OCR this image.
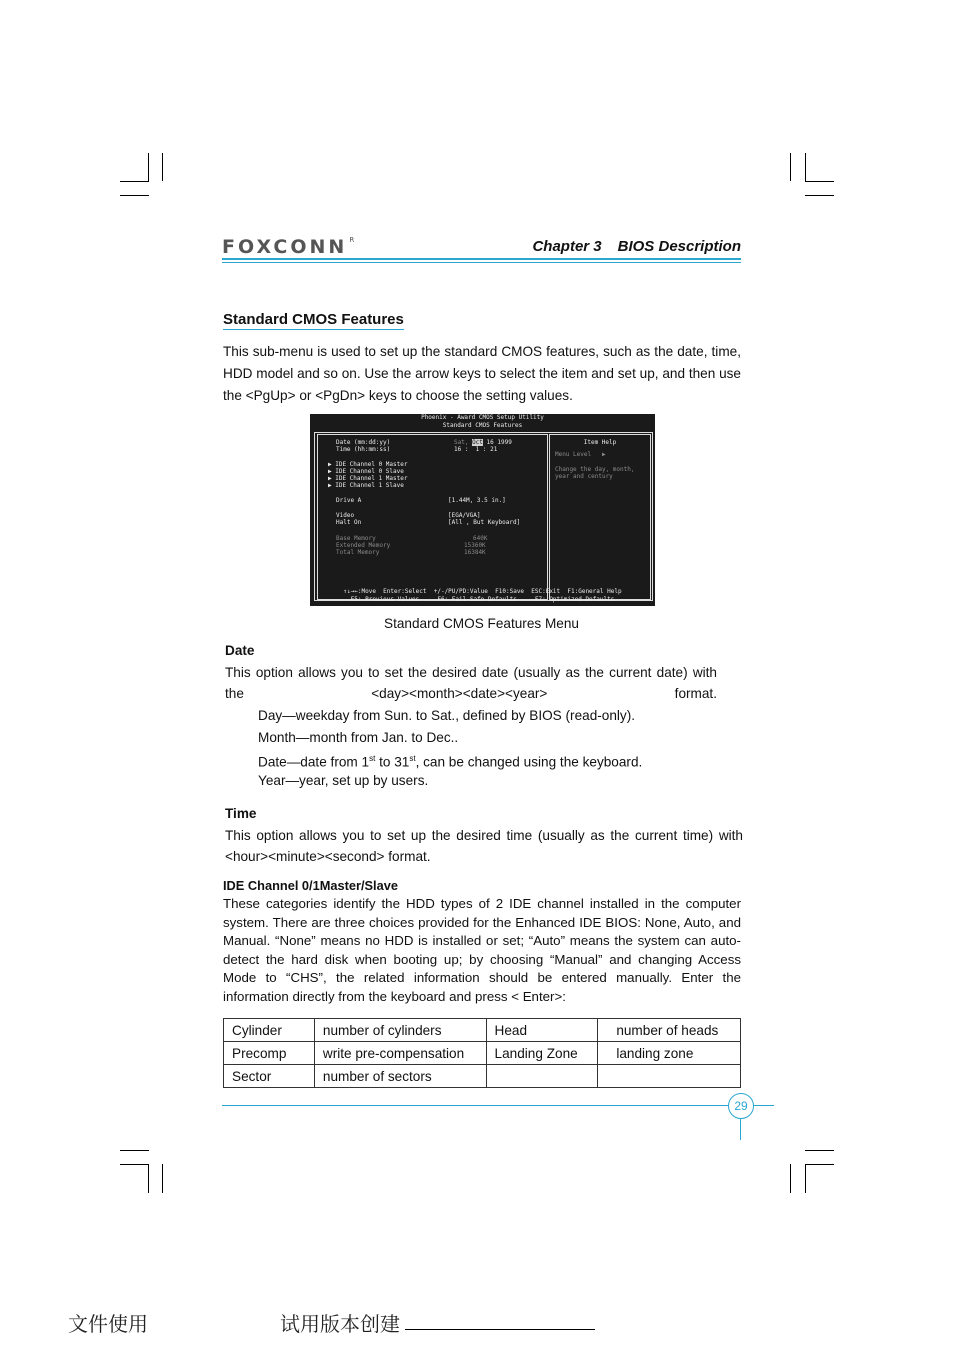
FOXCONN $^R$	Chapter 3 BIOS Description
Standard CMOS Features
This sub-menu is used to set up the standard CMOS features, such as the date, time, HDD model and so on. Use the arrow keys to select the item and set up, and then use the <PgUp> or <PgDn> keys to choose the setting values.
Phoenix - Award CMOS Setup Utility
Standard CMOS Features
Date (mm:dd:yy)	Sat, Oct 16 1999
Time (hh:mm:ss)	16 :  1 : 21
▶ IDE Channel 0 Master
▶ IDE Channel 0 Slave
▶ IDE Channel 1 Master
▶ IDE Channel 1 Slave
Drive A	[1.44M, 3.5 in.]
Video	[EGA/VGA]
Halt On	[All , But Keyboard]
Base Memory	640K
Extended Memory	15360K
Total Memory	16384K
Item Help
Menu Level   ▶
Change the day, month,
year and century
↑↓→←:Move  Enter:Select  +/-/PU/PD:Value  F10:Save  ESC:Exit  F1:General Help
F5: Previous Values     F6: Fail-Safe Defaults     F7: Optimized Defaults
Standard CMOS Features Menu
Date
This option allows you to set the desired date (usually as the current date) with the <day><month><date><year> format.
Day—weekday from Sun. to Sat., defined by BIOS (read-only).
Month—month from Jan. to Dec..
Date—date from 1st to 31st, can be changed using the keyboard.
Year—year, set up by users.
Time
This option allows you to set up the desired time (usually as the current time) with <hour><minute><second> format.
IDE Channel 0/1Master/Slave
These categories identify the HDD types of 2 IDE channel installed in the computer system. There are three choices provided for the Enhanced IDE BIOS: None, Auto, and Manual. “None” means no HDD is installed or set; “Auto” means the system can auto-detect the hard disk when booting up; by choosing “Manual” and changing Access Mode to “CHS”, the related information should be entered manually. Enter the information directly from the keyboard and press < Enter>:
Cylinder	number of cylinders	Head	number of heads
Precomp	write pre-compensation	Landing Zone	landing zone
Sector	number of sectors		
29
文件使用	试用版本创建
